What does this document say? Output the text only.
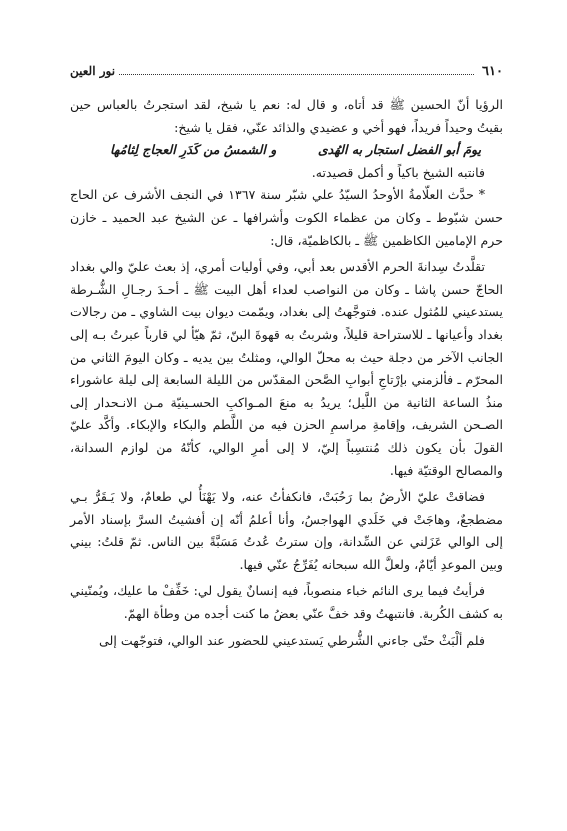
٦١٠
نور العين

الرؤيا أنّ الحسين ﷺ قد أتاه، و قال له: نعم يا شيخ، لقد استجرتُ بالعباس حين بقيتُ وحيداً فريداً، فهو أخي و عضيدي والذائد عنّي، فقل يا شيخ:

يومَ أبو الفضل استجار به الهُدى
و الشمسُ من كَدَرِ العجاج لِثامُها

فانتبه الشيخ باكياً و أكمل قصيدته.

* حدَّث العلّامةُ الأوحدُ السيّدُ علي شبّر سنة ١٣٦٧ في النجف الأشرف عن الحاج حسن شبّوط ـ وكان من عظماء الكوت وأشرافها ـ عن الشيخ عبد الحميد ـ خازن حرم الإمامين الكاظمين ﷺ ـ بالكاظميّة، قال:

تقلَّدتُ سِدانةَ الحرم الأقدس بعد أبي، وفي أوليات أمري، إذ بعث عليّ والي بغداد الحاجّ حسن پاشا ـ وكان من النواصب لعداء أهل البيت ﷺ ـ أحـدَ رجـالِ الشُّـرطة يستدعيني للمُثول عنده. فتوجَّهتُ إلى بغداد، ويمّمت ديوان بيت الشاوي ـ من رجالات بغداد وأعيانها ـ للاستراحة قليلاً، وشربتُ به قهوةَ البنّ، ثمّ هيّأ لي قارباً عبرتُ بـه إلى الجانب الآخر من دجلة حيث به محلّ الوالي، ومثلتُ بين يديه ـ وكان اليومَ الثاني من المحرّم ـ فألزمني بإرْتاجِ أبوابِ الصَّحن المقدّس من الليلة السابعة إلى ليلة عاشوراء منذُ الساعة الثانية من اللَّيل؛ يريدُ به منعَ المـواكبِ الحسـينيّة مـن الانـحدار إلى الصـحن الشريف، وإقامةِ مراسمِ الحزن فيه من اللَّطم والبكاء والإبكاء. وأكَّد عليّ القولَ بأن يكون ذلك مُنتسِباً إليّ، لا إلى أمرِ الوالي، كأنّهُ من لوازم السدانة، والمصالح الوقتيّة فيها.

فضاقتْ عليّ الأرضُ بما رَحُبَتْ، فانكفأتُ عنه، ولا يَهْنَأُ لي طعامٌ، ولا يَـقَرُّ بـي مضطجعٌ، وهاجَتْ في خَلَدي الهواجسُ، وأنا أعلمُ أنّه إن أفشيتُ السرَّ بإسناد الأمر إلى الوالي عَزَلني عن السِّدانة، وإن سترتُ عُدتُ مَسَبَّةً بين الناس. ثمّ قلتُ: بيني وبين الموعدِ أيّامٌ، ولعلَّ الله سبحانه يُفَرِّجُ عنّي فيها.

فرأيتُ فيما يرى النائم خباء منصوباً، فيه إنسانٌ يقول لي: خَفِّفْ ما عليك، ويُمنّيني به كشف الكُربة. فانتبهتُ وقد خفَّ عنّي بعضُ ما كنت أجده من وطأة الهمّ.

فلم ألْبَثْ حتّى جاءني الشُّرطي يَستدعيني للحضور عند الوالي، فتوجّهت إلى
